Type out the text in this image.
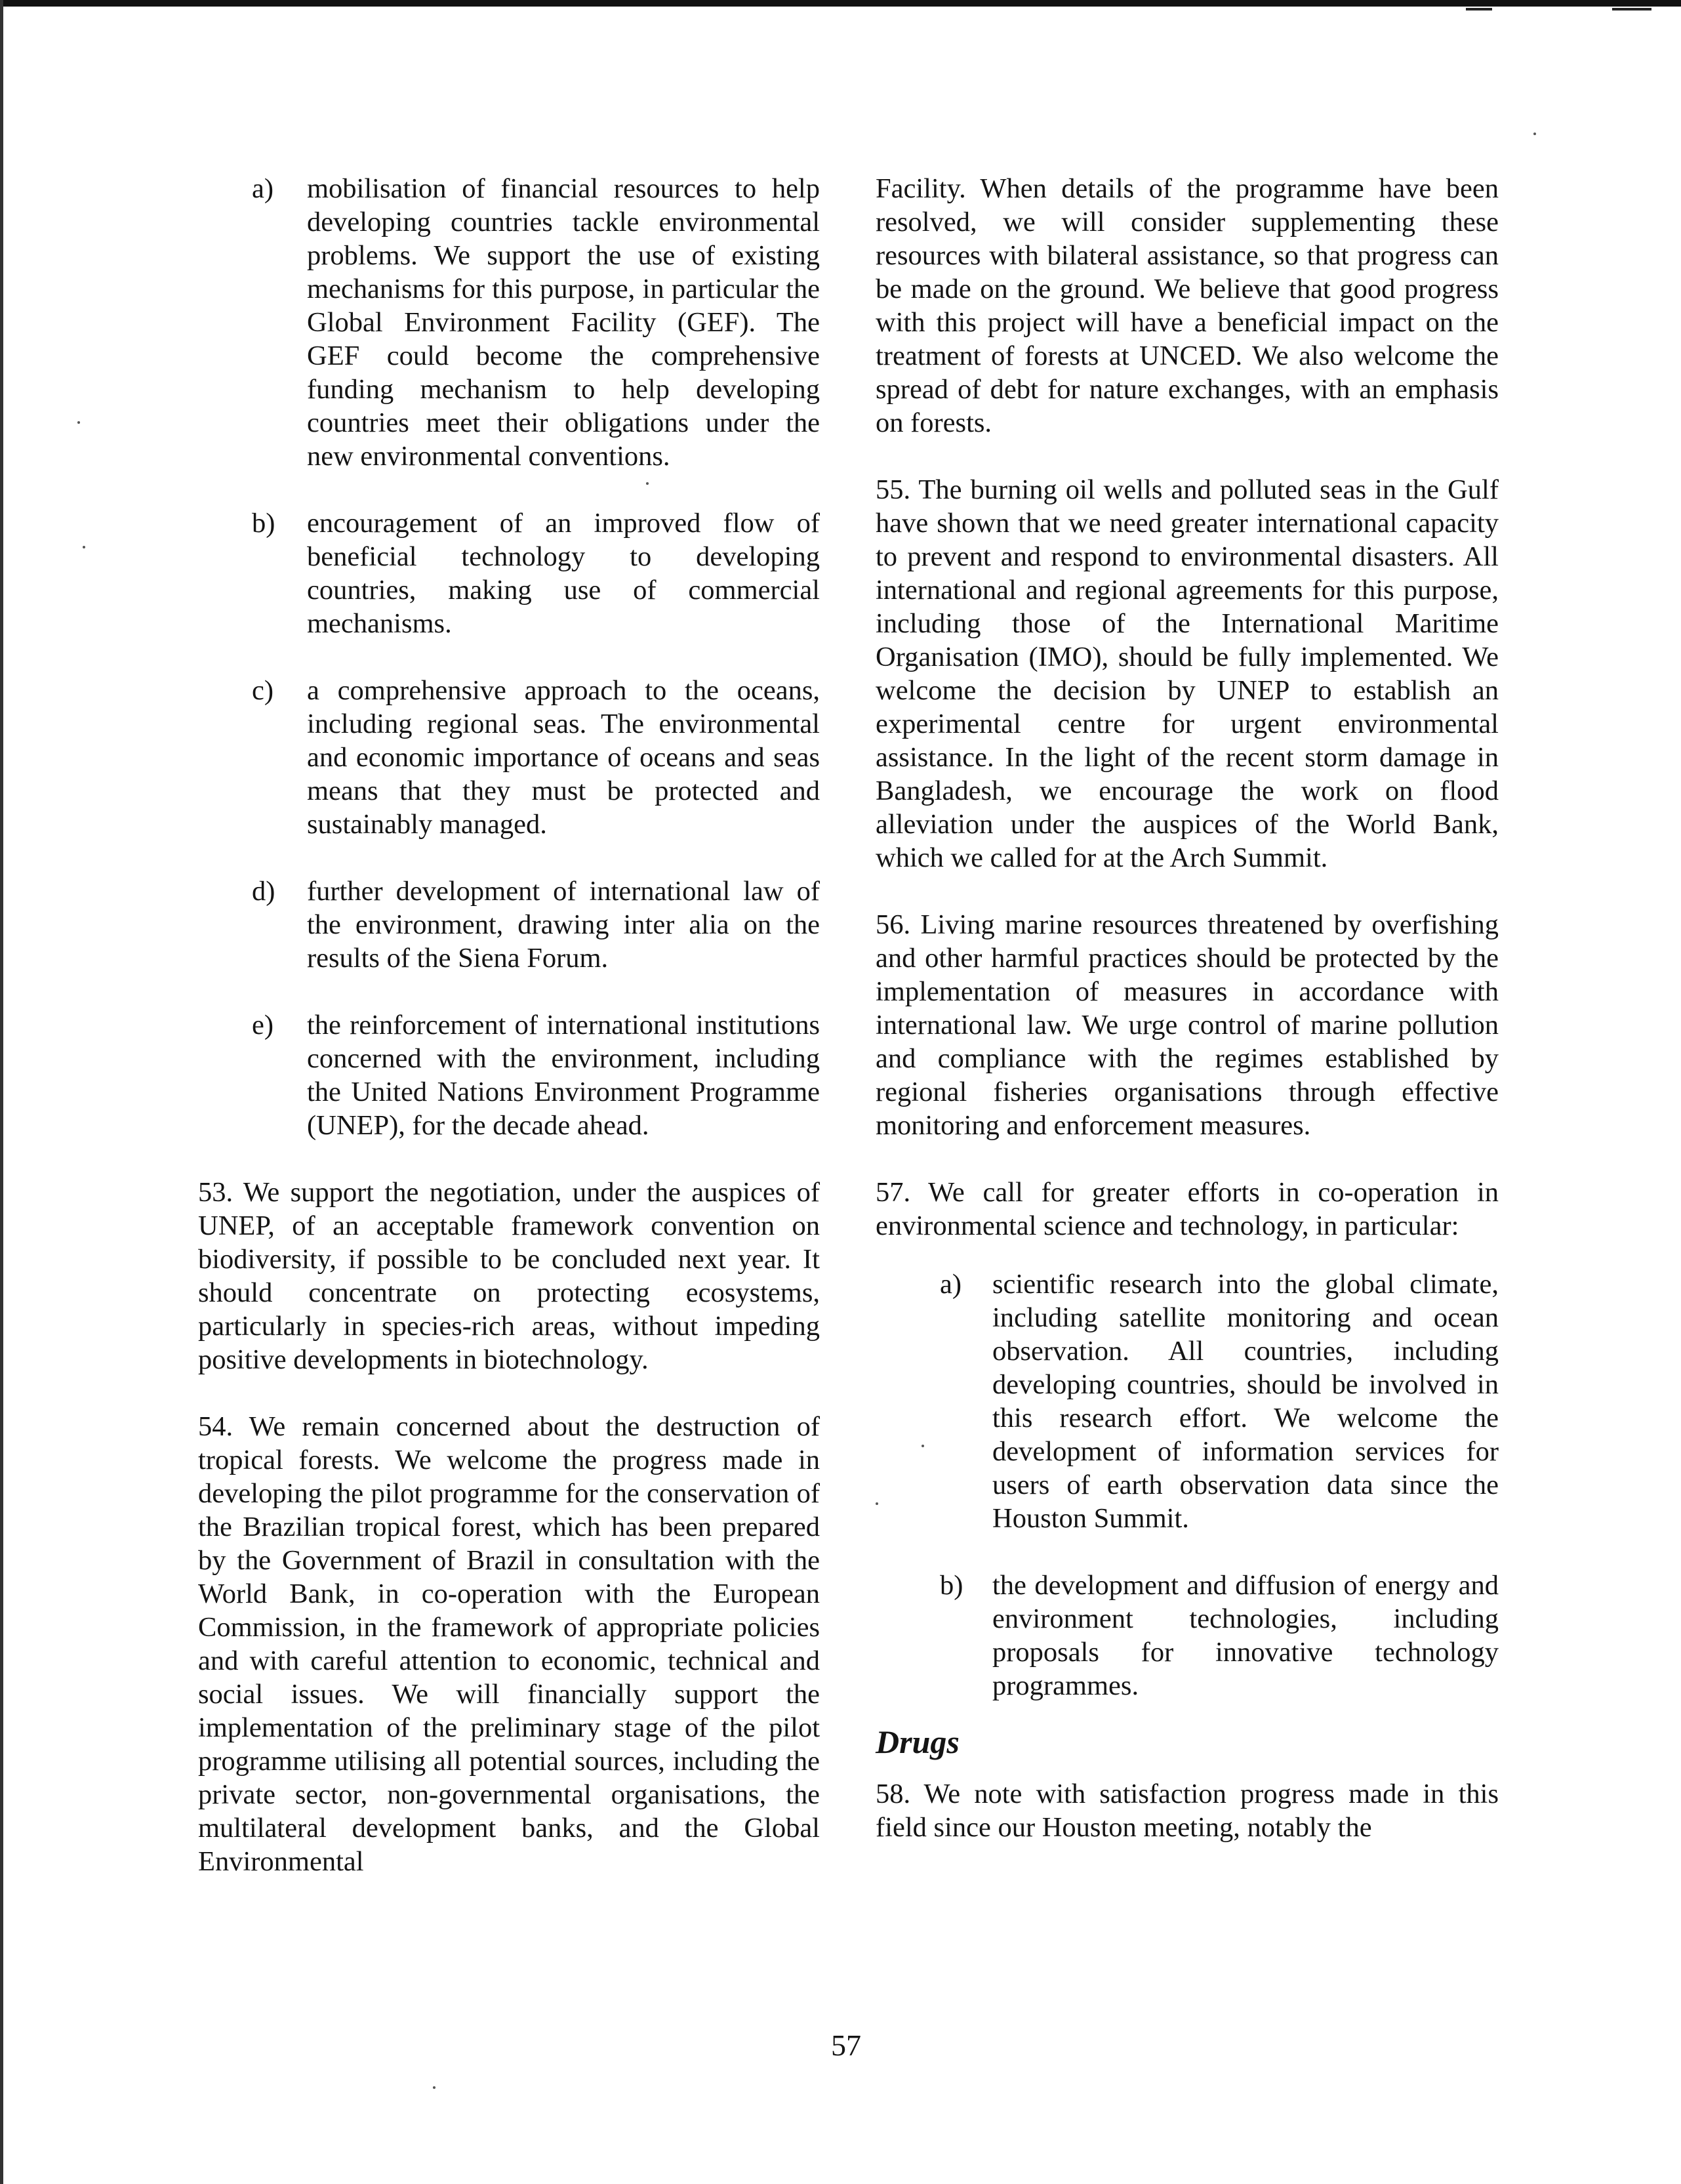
a)	mobilisation of financial resources to help developing countries tackle environmental problems. We support the use of existing mechanisms for this purpose, in particular the Global Environment Facility (GEF). The GEF could become the comprehensive funding mechanism to help developing countries meet their obligations under the new environmental conventions.
b)	encouragement of an improved flow of beneficial technology to developing countries, making use of commercial mechanisms.
c)	a comprehensive approach to the oceans, including regional seas. The environmental and economic importance of oceans and seas means that they must be protected and sustainably managed.
d)	further development of international law of the environment, drawing inter alia on the results of the Siena Forum.
e)	the reinforcement of international institutions concerned with the environment, including the United Nations Environment Programme (UNEP), for the decade ahead.

53. We support the negotiation, under the auspices of UNEP, of an acceptable framework convention on biodiversity, if possible to be concluded next year. It should concentrate on protecting ecosystems, particularly in species-rich areas, without impeding positive developments in biotechnology.

54. We remain concerned about the destruction of tropical forests. We welcome the progress made in developing the pilot programme for the conservation of the Brazilian tropical forest, which has been prepared by the Government of Brazil in consultation with the World Bank, in co-operation with the European Commission, in the framework of appropriate policies and with careful attention to economic, technical and social issues. We will financially support the implementation of the preliminary stage of the pilot programme utilising all potential sources, including the private sector, non-governmental organisations, the multilateral development banks, and the Global Environmental

Facility. When details of the programme have been resolved, we will consider supplementing these resources with bilateral assistance, so that progress can be made on the ground. We believe that good progress with this project will have a beneficial impact on the treatment of forests at UNCED. We also welcome the spread of debt for nature exchanges, with an emphasis on forests.

55. The burning oil wells and polluted seas in the Gulf have shown that we need greater international capacity to prevent and respond to environmental disasters. All international and regional agreements for this purpose, including those of the International Maritime Organisation (IMO), should be fully implemented. We welcome the decision by UNEP to establish an experimental centre for urgent environmental assistance. In the light of the recent storm damage in Bangladesh, we encourage the work on flood alleviation under the auspices of the World Bank, which we called for at the Arch Summit.

56. Living marine resources threatened by overfishing and other harmful practices should be protected by the implementation of measures in accordance with international law. We urge control of marine pollution and compliance with the regimes established by regional fisheries organisations through effective monitoring and enforcement measures.

57. We call for greater efforts in co-operation in environmental science and technology, in particular:

a)	scientific research into the global climate, including satellite monitoring and ocean observation. All countries, including developing countries, should be involved in this research effort. We welcome the development of information services for users of earth observation data since the Houston Summit.
b)	the development and diffusion of energy and environment technologies, including proposals for innovative technology programmes.
Drugs

58. We note with satisfaction progress made in this field since our Houston meeting, notably the

57
